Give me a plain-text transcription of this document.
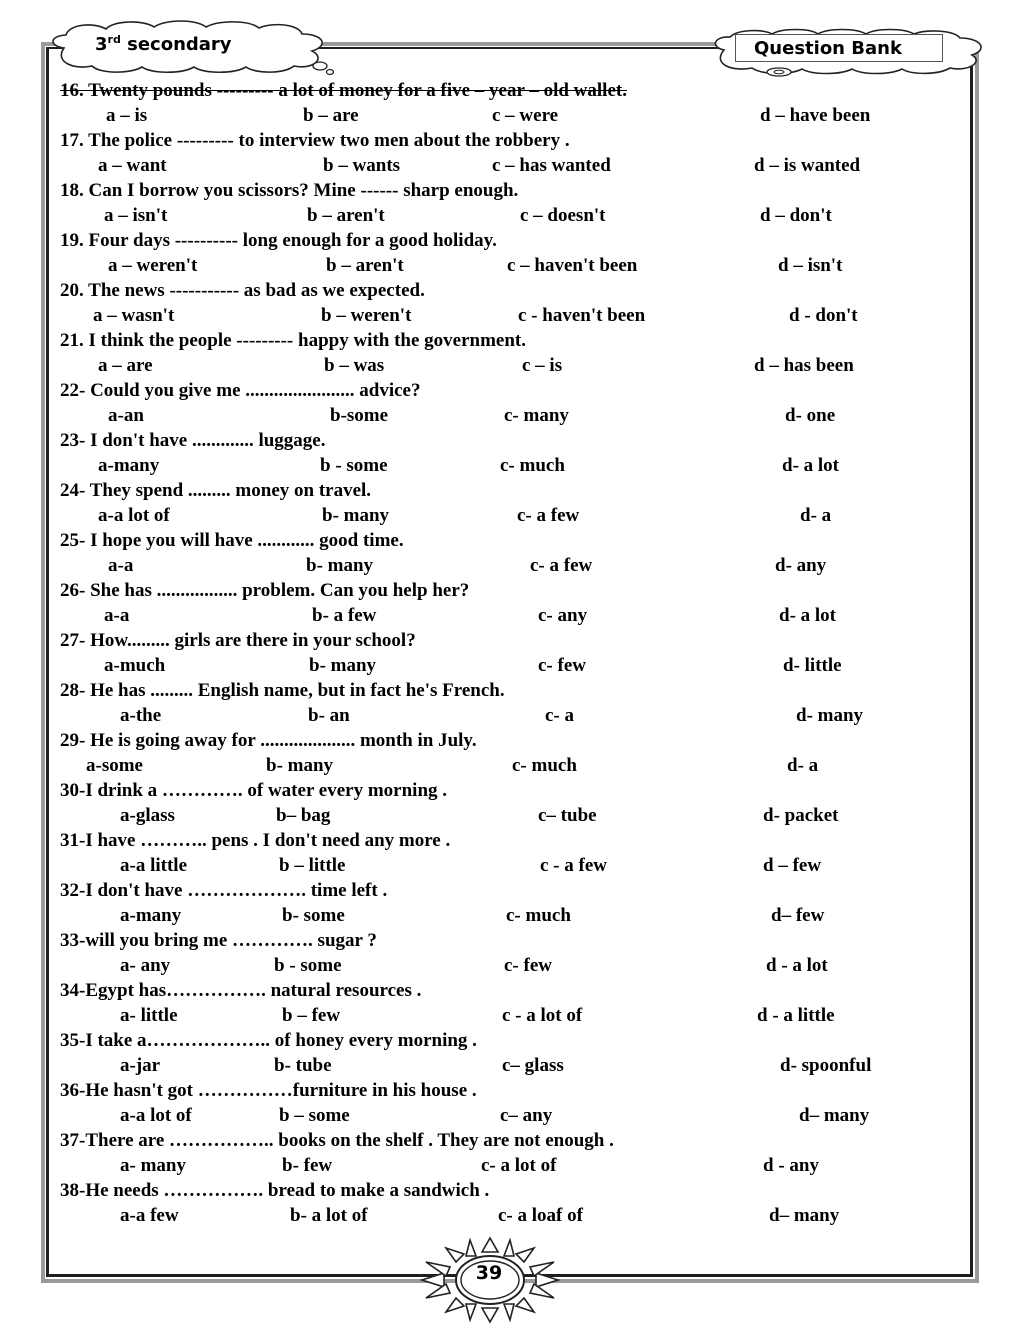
3rd secondary	Question Bank
16. Twenty pounds --------- a lot of money for a five – year – old wallet.
a – is	b – are	c – were	d – have been
17. The police --------- to interview two men about the robbery .
a – want	b – wants	c – has wanted	d – is wanted
18. Can I borrow you scissors? Mine ------ sharp enough.
a – isn't	b – aren't	c – doesn't	d – don't
19. Four days ---------- long enough for a good holiday.
a – weren't	b – aren't	c – haven't been	d – isn't
20. The news ----------- as bad as we expected.
a – wasn't	b – weren't	c - haven't been	d - don't
21. I think the people --------- happy with the government.
a – are	b – was	c – is	d – has been
22- Could you give me ....................... advice?
a-an	b-some	c- many	d- one
23- I don't have ............. luggage.
a-many	b - some	c- much	d- a lot
24- They spend ......... money on travel.
a-a lot of	b- many	c- a few	d- a
25- I hope you will have ............ good time.
a-a	b- many	c- a few	d- any
26- She has ................. problem. Can you help her?
a-a	b- a few	c- any	d- a lot
27- How......... girls are there in your school?
a-much	b- many	c- few	d- little
28- He has ......... English name, but in fact he's French.
a-the	b- an	c- a	d- many
29- He is going away for .................... month in July.
a-some	b- many	c- much	d- a
30-I drink a …………. of water every morning .
a-glass	b– bag	c– tube	d- packet
31-I have ……….. pens . I don't need any more .
a-a little	b – little	c - a few	d – few
32-I don't have ………………. time left .
a-many	b- some	c- much	d– few
33-will you bring me …………. sugar ?
a- any	b - some	c- few	d - a lot
34-Egypt has……………. natural resources .
a- little	b – few	c - a lot of	d - a little
35-I take a……………….. of honey every morning .
a-jar	b- tube	c– glass	d- spoonful
36-He hasn't got ……………furniture in his house .
a-a lot of	b – some	c– any	d– many
37-There are …………….. books on the shelf . They are not enough .
a- many	b- few	c- a lot of	d - any
38-He needs ……………. bread to make a sandwich .
a-a few	b- a lot of	c- a loaf of	d– many
39
